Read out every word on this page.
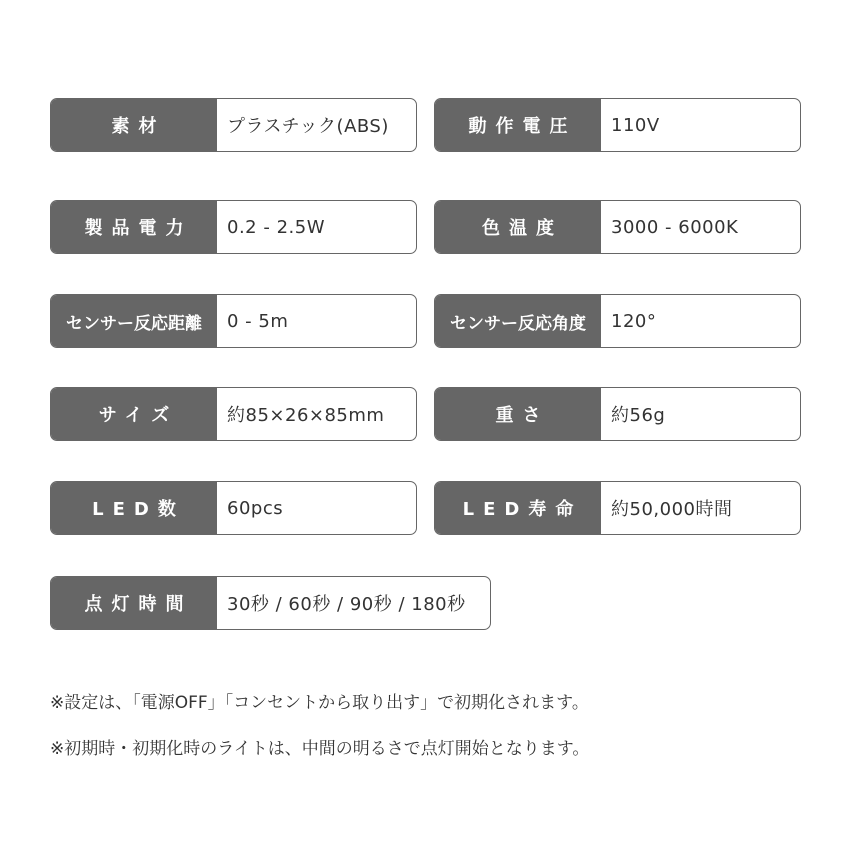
素材	プラスチック(ABS)	動作電圧	110V
製品電力	0.2 - 2.5W	色温度	3000 - 6000K
センサー反応距離	0 - 5m	センサー反応角度	120°
サイズ	約85×26×85mm	重さ	約56g
LED数	60pcs	LED寿命	約50,000時間
点灯時間	30秒 / 60秒 / 90秒 / 180秒
※設定は、「電源OFF」「コンセントから取り出す」で初期化されます。
※初期時・初期化時のライトは、中間の明るさで点灯開始となります。
